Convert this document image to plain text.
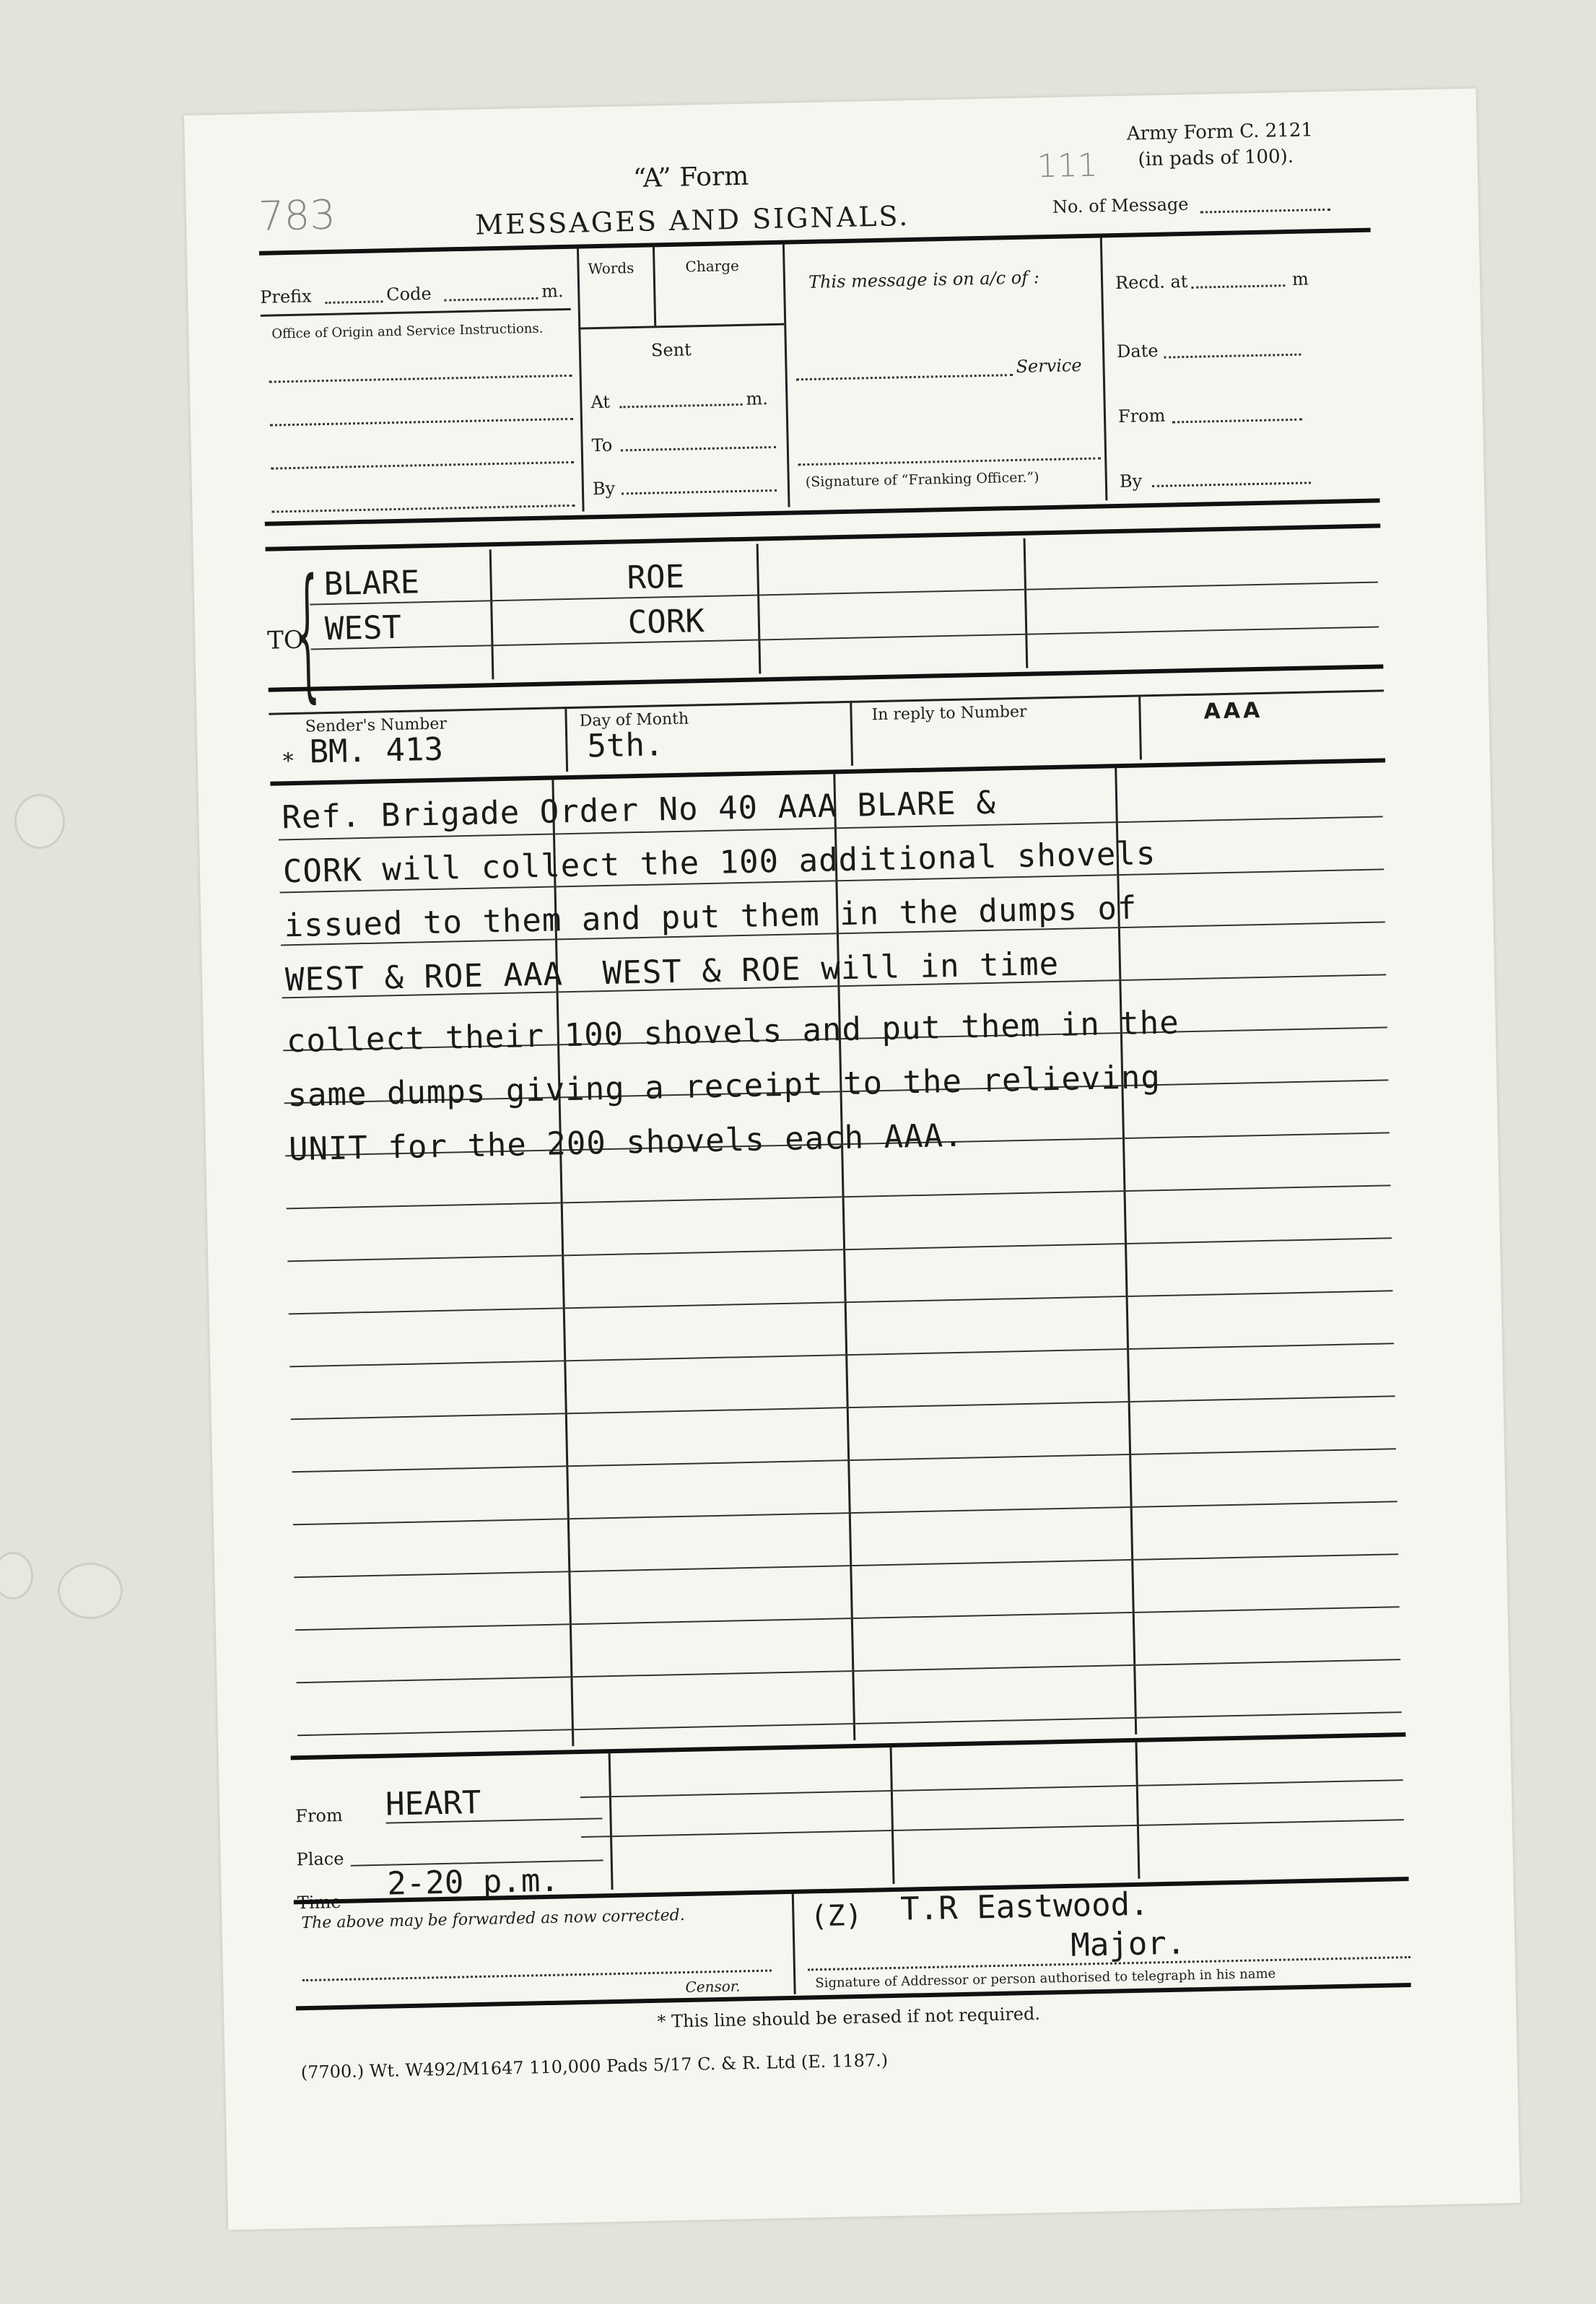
783
111
“A” Form
MESSAGES AND SIGNALS.
Army Form C. 2121
(in pads of 100).
No. of Message
Prefix	Code	m.
Office of Origin and Service Instructions.
Words	Charge
Sent
At	m.
To
By
This message is on a/c of :
Service
(Signature of “Franking Officer.”)
Recd. at	m
Date
From
By
TO
{ BLARE	ROE
WEST	CORK
Sender's Number
* BM. 413
Day of Month
5th.
In reply to Number	AAA
Ref. Brigade Order No 40 AAA BLARE &
CORK will collect the 100 additional shovels
issued to them and put them in the dumps of
WEST & ROE AAA  WEST & ROE will in time
collect their 100 shovels and put them in the
same dumps giving a receipt to the relieving
UNIT for the 200 shovels each AAA.
From HEART
Place
Time 2-20 p.m.
The above may be forwarded as now corrected.
Censor.
(Z) T.R Eastwood.
Major.
Signature of Addressor or person authorised to telegraph in his name
* This line should be erased if not required.
(7700.) Wt. W492/M1647 110,000 Pads 5/17 C. & R. Ltd (E. 1187.)
